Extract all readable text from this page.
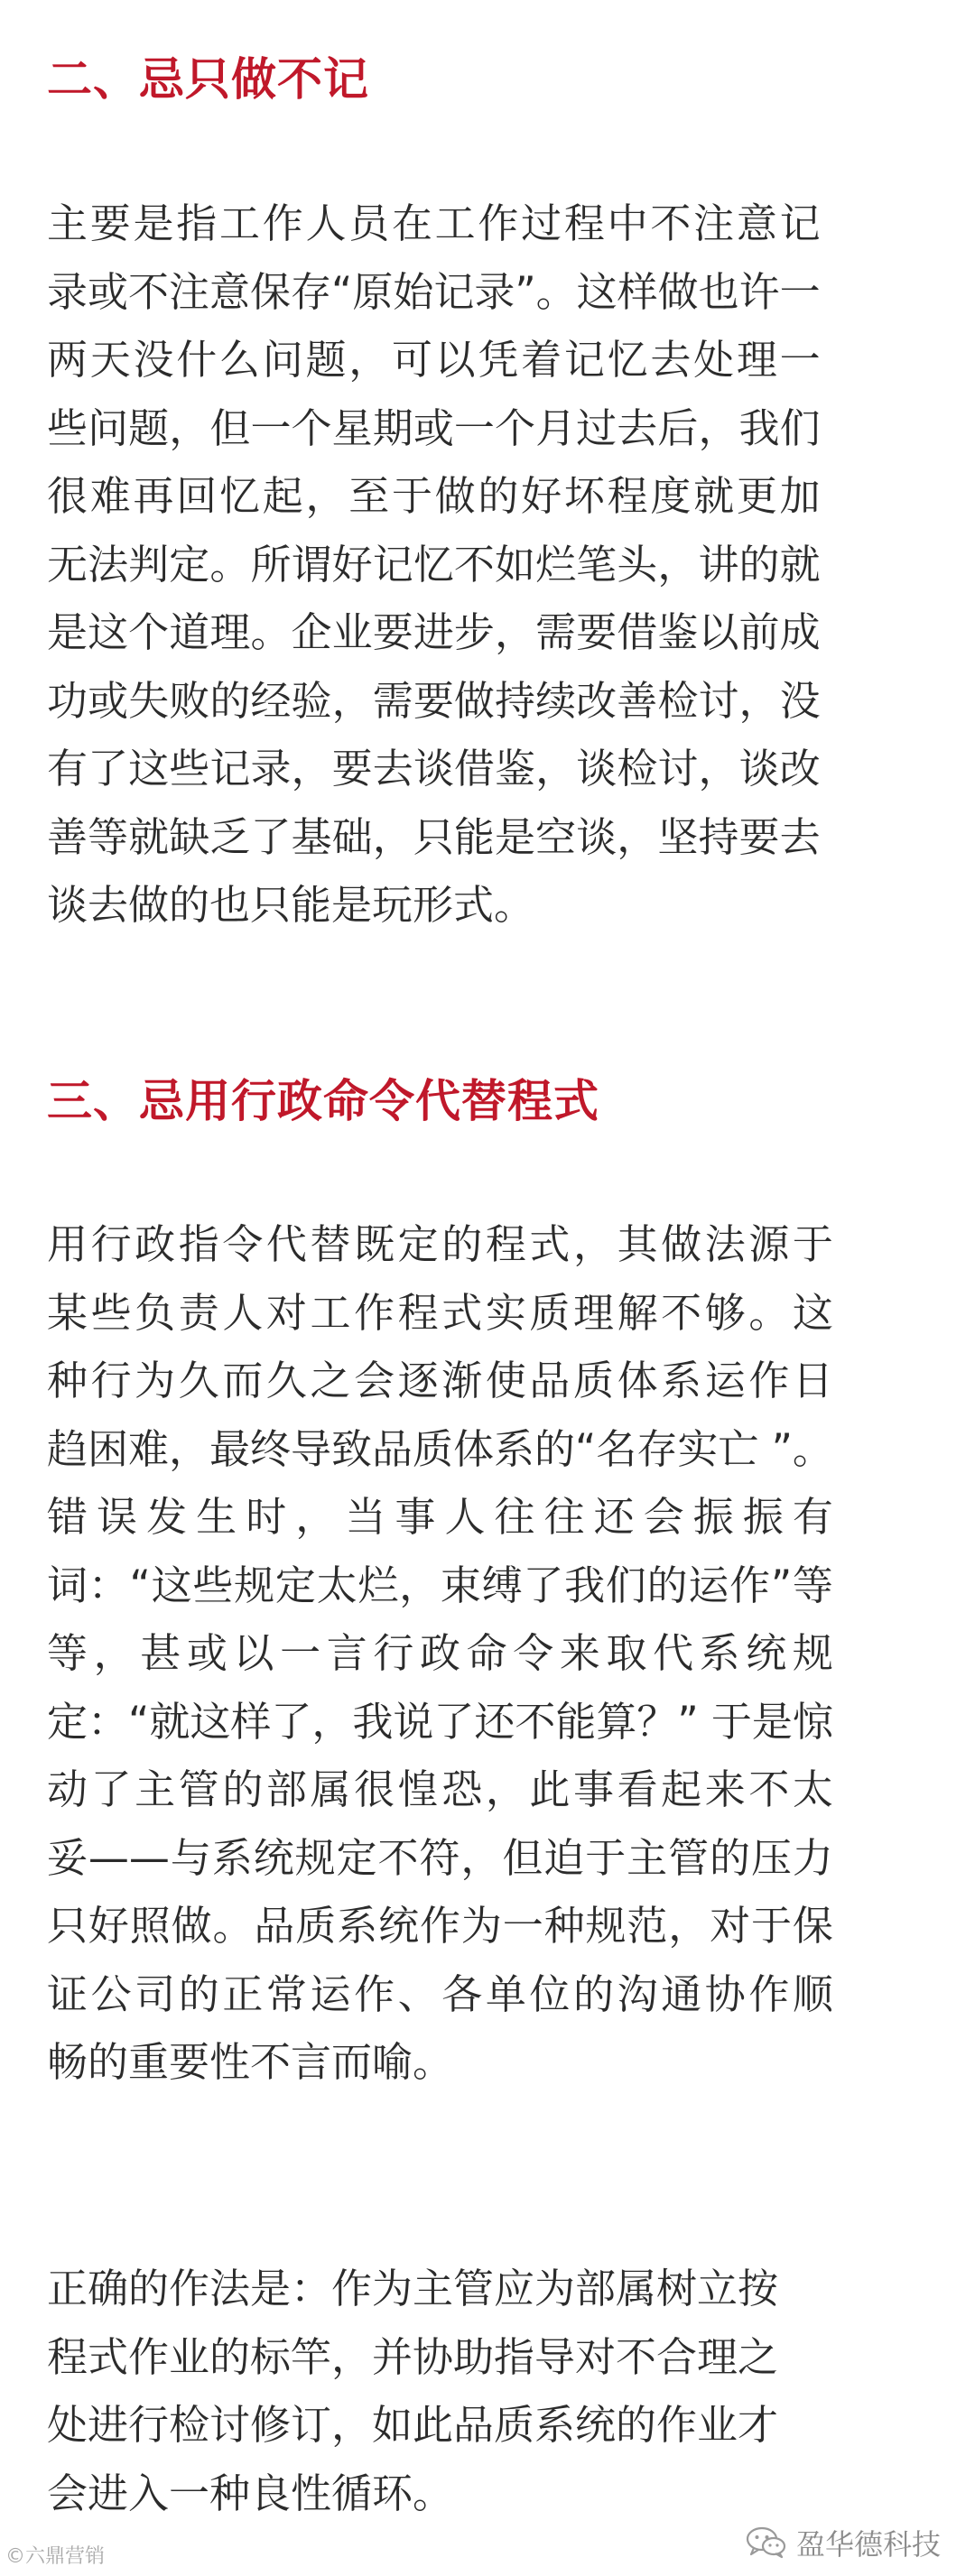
二、忌只做不记
主要是指工作人员在工作过程中不注意记
录或不注意保存“原始记录”。这样做也许一
两天没什么问题，可以凭着记忆去处理一
些问题，但一个星期或一个月过去后，我们
很难再回忆起，至于做的好坏程度就更加
无法判定。所谓好记忆不如烂笔头，讲的就
是这个道理。企业要进步，需要借鉴以前成
功或失败的经验，需要做持续改善检讨，没
有了这些记录，要去谈借鉴，谈检讨，谈改
善等就缺乏了基础，只能是空谈，坚持要去
谈去做的也只能是玩形式。
三、忌用行政命令代替程式
用行政指令代替既定的程式，其做法源于
某些负责人对工作程式实质理解不够。这
种行为久而久之会逐渐使品质体系运作日
趋困难，最终导致品质体系的“名存实亡 ”。
错误发生时，当事人往往还会振振有
词：“这些规定太烂，束缚了我们的运作”等
等，甚或以一言行政命令来取代系统规
定：“就这样了，我说了还不能算？” 于是惊
动了主管的部属很惶恐，此事看起来不太
妥——与系统规定不符，但迫于主管的压力
只好照做。品质系统作为一种规范，对于保
证公司的正常运作、各单位的沟通协作顺
畅的重要性不言而喻。
正确的作法是：作为主管应为部属树立按
程式作业的标竿，并协助指导对不合理之
处进行检讨修订，如此品质系统的作业才
会进入一种良性循环。
©六鼎营销	盈华德科技
